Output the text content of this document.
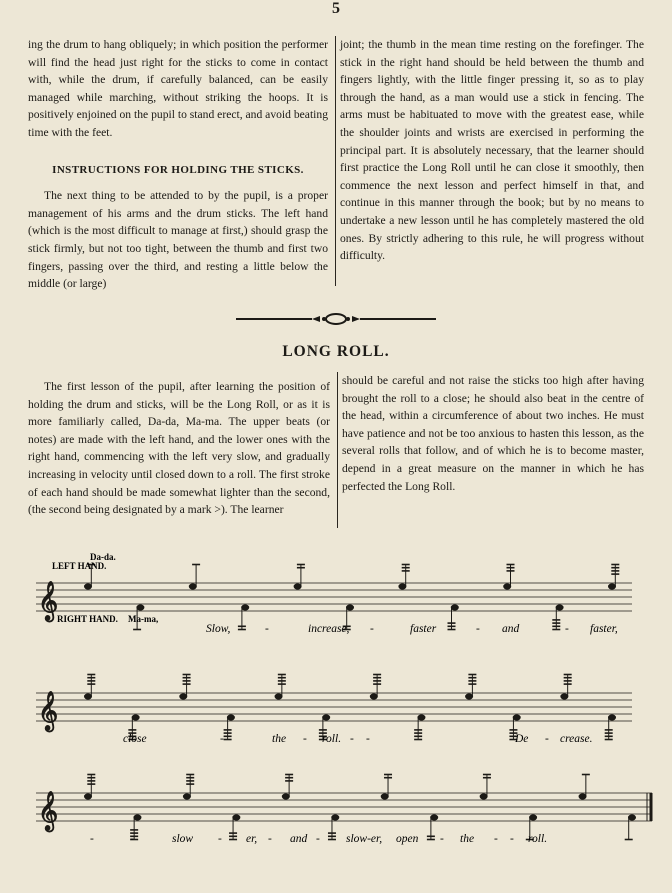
5

ing the drum to hang obliquely; in which position the performer will find the head just right for the sticks to come in contact with, while the drum, if carefully balanced, can be easily managed while marching, without striking the hoops. It is positively enjoined on the pupil to stand erect, and avoid beating time with the feet.

INSTRUCTIONS FOR HOLDING THE STICKS.

The next thing to be attended to by the pupil, is a proper management of his arms and the drum sticks. The left hand (which is the most difficult to manage at first,) should grasp the stick firmly, but not too tight, between the thumb and first two fingers, passing over the third, and resting a little below the middle (or large)

joint; the thumb in the mean time resting on the forefinger. The stick in the right hand should be held between the thumb and fingers lightly, with the little finger pressing it, so as to play through the hand, as a man would use a stick in fencing. The arms must be habituated to move with the greatest ease, while the shoulder joints and wrists are exercised in performing the principal part. It is absolutely necessary, that the learner should first practice the Long Roll until he can close it smoothly, then commence the next lesson and perfect himself in that, and continue in this manner through the book; but by no means to undertake a new lesson until he has completely mastered the old ones. By strictly adhering to this rule, he will progress without difficulty.

LONG ROLL.

The first lesson of the pupil, after learning the position of holding the drum and sticks, will be the Long Roll, or as it is more familiarly called, Da-da, Ma-ma. The upper beats (or notes) are made with the left hand, and the lower ones with the right hand, commencing with the left very slow, and gradually increasing in velocity until closed down to a roll. The first stroke of each hand should be made somewhat lighter than the second, (the second being designated by a mark >). The learner

should be careful and not raise the sticks too high after having brought the roll to a close; he should also beat in the centre of the head, within a circumference of about two inches. He must have patience and not be too anxious to hasten this lesson, as the several rolls that follow, and of which he is to become master, depend in a great measure on the manner in which he has perfected the Long Roll.

𝄞
𝄞
𝄞
LEFT HAND.
RIGHT HAND.
Da-da.
Ma-ma,
Slow,	-	increase, -	faster	- and	- faster,
close	-	the - roll. - -	De - crease.
-	-	slow - er, - and - slow-er, open - the - - roll.
